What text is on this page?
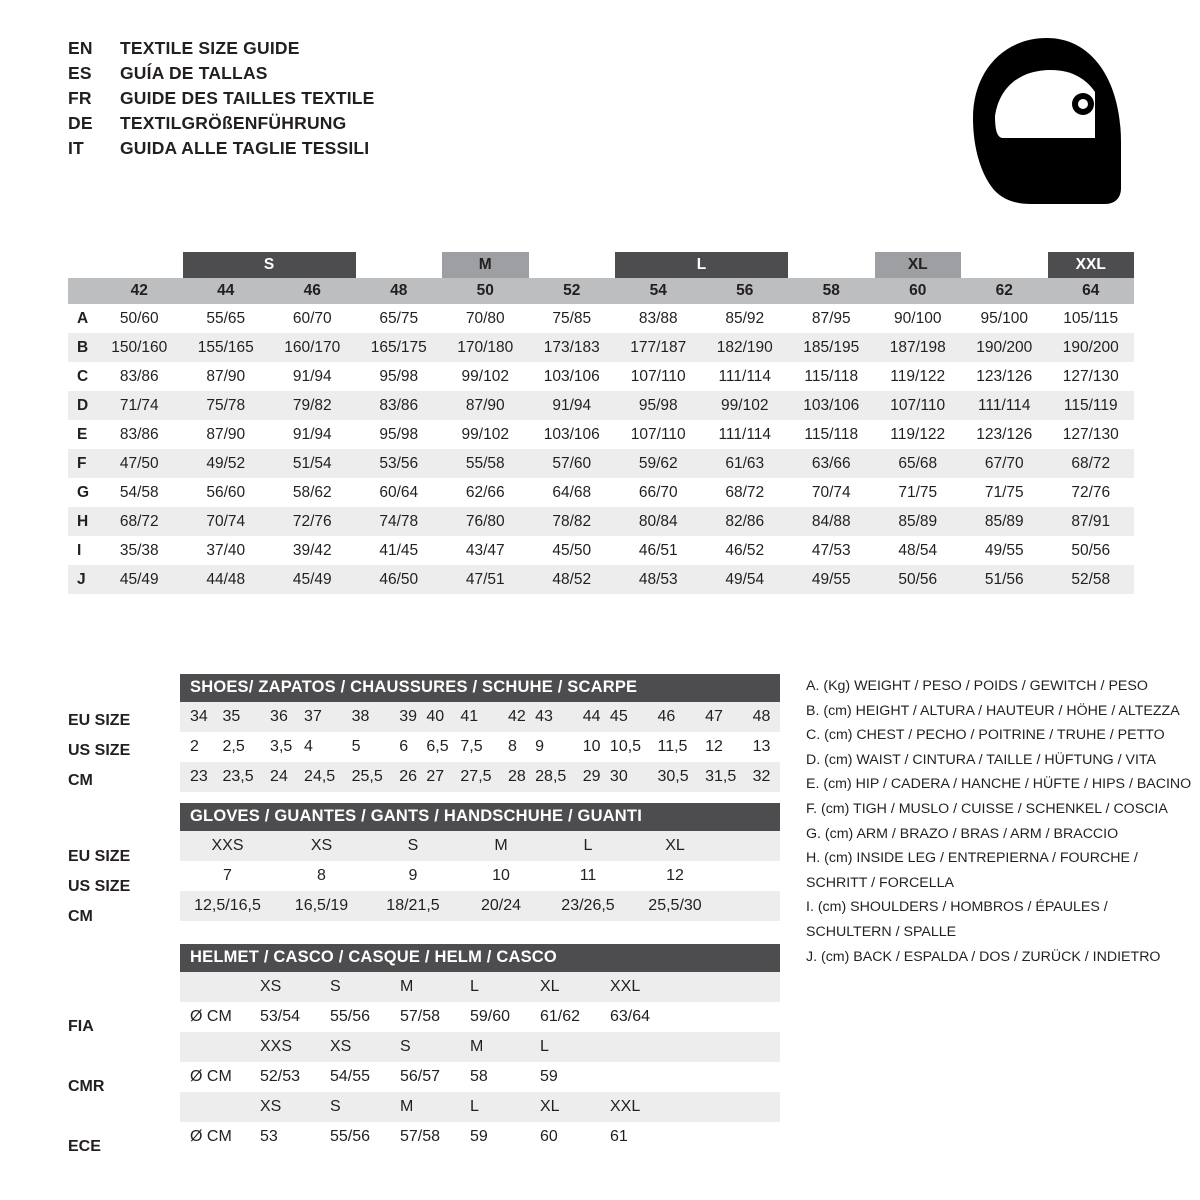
EN	TEXTILE SIZE GUIDE
ES	GUÍA DE TALLAS
FR	GUIDE DES TAILLES TEXTILE
DE	TEXTILGRÖßENFÜHRUNG
IT	GUIDA ALLE TAGLIE TESSILI
		S			M		L			XL		XXL	
	42	44	46	48	50	52	54	56	58	60	62	64	
A	50/60	55/65	60/70	65/75	70/80	75/85	83/88	85/92	87/95	90/100	95/100	105/115	
B	150/160	155/165	160/170	165/175	170/180	173/183	177/187	182/190	185/195	187/198	190/200	190/200	
C	83/86	87/90	91/94	95/98	99/102	103/106	107/110	111/114	115/118	119/122	123/126	127/130	
D	71/74	75/78	79/82	83/86	87/90	91/94	95/98	99/102	103/106	107/110	111/114	115/119	
E	83/86	87/90	91/94	95/98	99/102	103/106	107/110	111/114	115/118	119/122	123/126	127/130	
F	47/50	49/52	51/54	53/56	55/58	57/60	59/62	61/63	63/66	65/68	67/70	68/72	
G	54/58	56/60	58/62	60/64	62/66	64/68	66/70	68/72	70/74	71/75	71/75	72/76	
H	68/72	70/74	72/76	74/78	76/80	78/82	80/84	82/86	84/88	85/89	85/89	87/91	
I	35/38	37/40	39/42	41/45	43/47	45/50	46/51	46/52	47/53	48/54	49/55	50/56	
J	45/49	44/48	45/49	46/50	47/51	48/52	48/53	49/54	49/55	50/56	51/56	52/58	
SHOES/ ZAPATOS / CHAUSSURES / SCHUHE / SCARPE
34	35	36	37	38	39	40	41	42	43	44	45	46	47	48
2	2,5	3,5	4	5	6	6,5	7,5	8	9	10	10,5	11,5	12	13
23	23,5	24	24,5	25,5	26	27	27,5	28	28,5	29	30	30,5	31,5	32
EU SIZE
US SIZE
CM
GLOVES / GUANTES / GANTS / HANDSCHUHE / GUANTI
XXS	XS	S	M	L	XL	
7	8	9	10	11	12	
12,5/16,5	16,5/19	18/21,5	20/24	23/26,5	25,5/30	
EU SIZE
US SIZE
CM
HELMET / CASCO / CASQUE / HELM / CASCO
	XS	S	M	L	XL	XXL	
Ø CM	53/54	55/56	57/58	59/60	61/62	63/64	
	XXS	XS	S	M	L		
Ø CM	52/53	54/55	56/57	58	59		
	XS	S	M	L	XL	XXL	
Ø CM	53	55/56	57/58	59	60	61	
FIA
CMR
ECE
A. (Kg) WEIGHT / PESO / POIDS / GEWITCH / PESO
B. (cm) HEIGHT / ALTURA / HAUTEUR / HÖHE / ALTEZZA
C. (cm) CHEST / PECHO / POITRINE / TRUHE / PETTO
D. (cm) WAIST / CINTURA / TAILLE / HÜFTUNG / VITA
E. (cm) HIP / CADERA / HANCHE / HÜFTE / HIPS / BACINO
F. (cm) TIGH / MUSLO / CUISSE / SCHENKEL / COSCIA
G. (cm) ARM / BRAZO / BRAS / ARM / BRACCIO
H. (cm) INSIDE LEG / ENTREPIERNA / FOURCHE /
SCHRITT / FORCELLA
I. (cm) SHOULDERS / HOMBROS / ÉPAULES /
SCHULTERN / SPALLE
J. (cm) BACK / ESPALDA / DOS / ZURÜCK / INDIETRO
